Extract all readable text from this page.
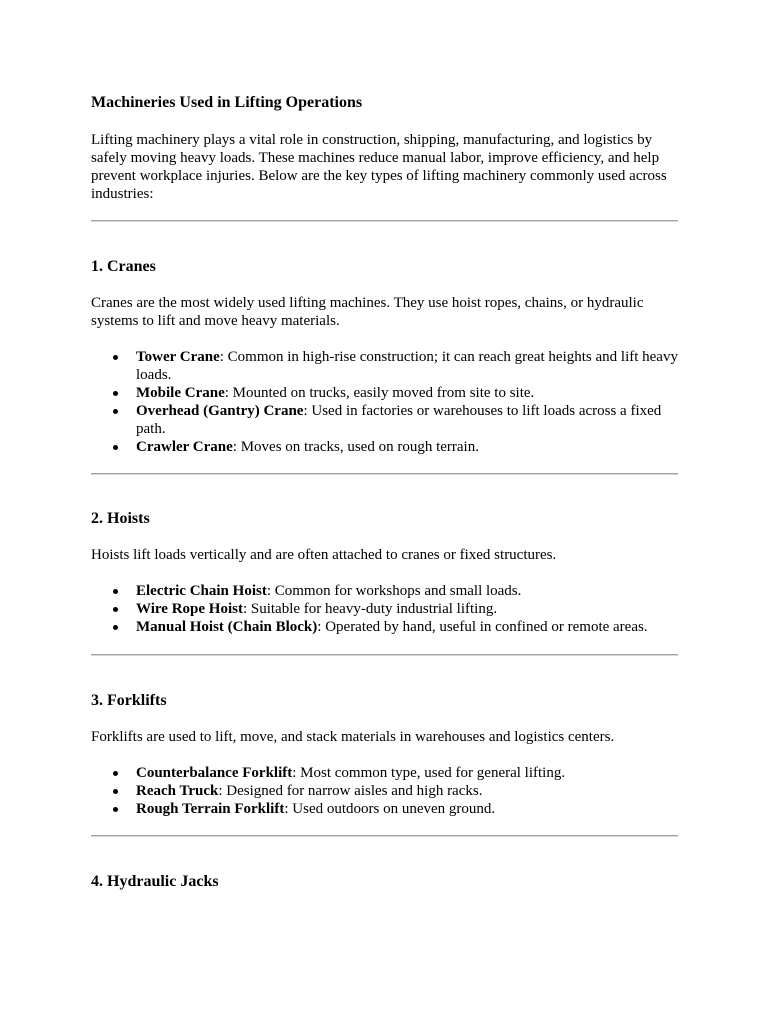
Machineries Used in Lifting Operations

Lifting machinery plays a vital role in construction, shipping, manufacturing, and logistics by safely moving heavy loads. These machines reduce manual labor, improve efficiency, and help prevent workplace injuries. Below are the key types of lifting machinery commonly used across industries:

1. Cranes

Cranes are the most widely used lifting machines. They use hoist ropes, chains, or hydraulic systems to lift and move heavy materials.

Tower Crane: Common in high-rise construction; it can reach great heights and lift heavy loads.
Mobile Crane: Mounted on trucks, easily moved from site to site.
Overhead (Gantry) Crane: Used in factories or warehouses to lift loads across a fixed path.
Crawler Crane: Moves on tracks, used on rough terrain.
2. Hoists

Hoists lift loads vertically and are often attached to cranes or fixed structures.

Electric Chain Hoist: Common for workshops and small loads.
Wire Rope Hoist: Suitable for heavy-duty industrial lifting.
Manual Hoist (Chain Block): Operated by hand, useful in confined or remote areas.
3. Forklifts

Forklifts are used to lift, move, and stack materials in warehouses and logistics centers.

Counterbalance Forklift: Most common type, used for general lifting.
Reach Truck: Designed for narrow aisles and high racks.
Rough Terrain Forklift: Used outdoors on uneven ground.
4. Hydraulic Jacks
